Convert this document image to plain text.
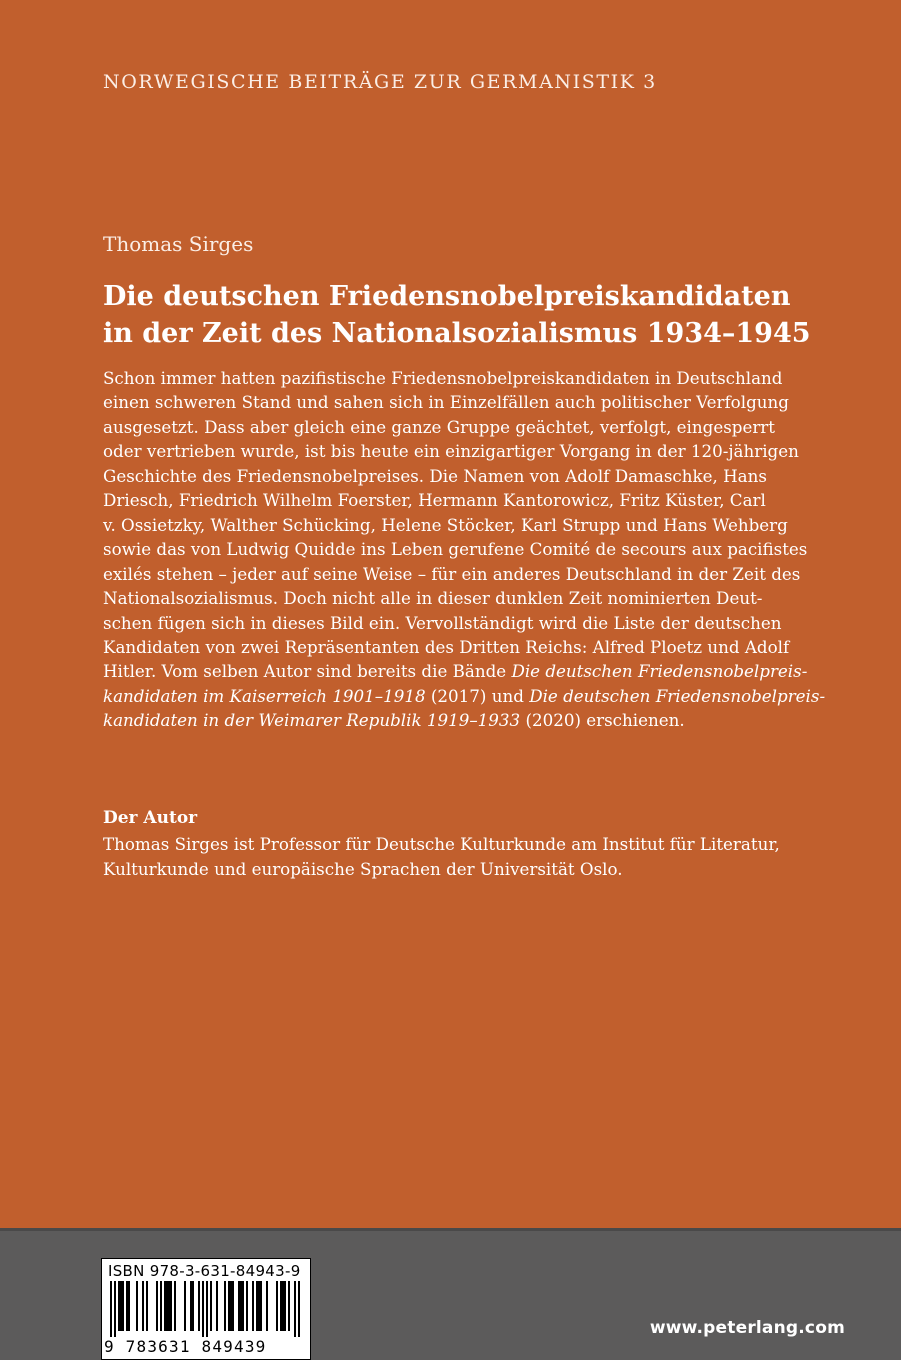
NORWEGISCHE BEITRÄGE ZUR GERMANISTIK 3
Thomas Sirges
Die deutschen Friedensnobelpreiskandidaten
in der Zeit des Nationalsozialismus 1934–1945
Schon immer hatten pazifistische Friedensnobelpreiskandidaten in Deutschland
einen schweren Stand und sahen sich in Einzelfällen auch politischer Verfolgung
ausgesetzt. Dass aber gleich eine ganze Gruppe geächtet, verfolgt, eingesperrt
oder vertrieben wurde, ist bis heute ein einzigartiger Vorgang in der 120-jährigen
Geschichte des Friedensnobelpreises. Die Namen von Adolf Damaschke, Hans
Driesch, Friedrich Wilhelm Foerster, Hermann Kantorowicz, Fritz Küster, Carl
v. Ossietzky, Walther Schücking, Helene Stöcker, Karl Strupp und Hans Wehberg
sowie das von Ludwig Quidde ins Leben gerufene Comité de secours aux pacifistes
exilés stehen – jeder auf seine Weise – für ein anderes Deutschland in der Zeit des
Nationalsozialismus. Doch nicht alle in dieser dunklen Zeit nominierten Deut-
schen fügen sich in dieses Bild ein. Vervollständigt wird die Liste der deutschen
Kandidaten von zwei Repräsentanten des Dritten Reichs: Alfred Ploetz und Adolf
Hitler. Vom selben Autor sind bereits die Bände Die deutschen Friedensnobelpreis-
kandidaten im Kaiserreich 1901–1918 (2017) und Die deutschen Friedensnobelpreis-
kandidaten in der Weimarer Republik 1919–1933 (2020) erschienen.
Der Autor
Thomas Sirges ist Professor für Deutsche Kulturkunde am Institut für Literatur,
Kulturkunde und europäische Sprachen der Universität Oslo.
ISBN 978-3-631-84943-9
9 783631 849439
www.peterlang.com
